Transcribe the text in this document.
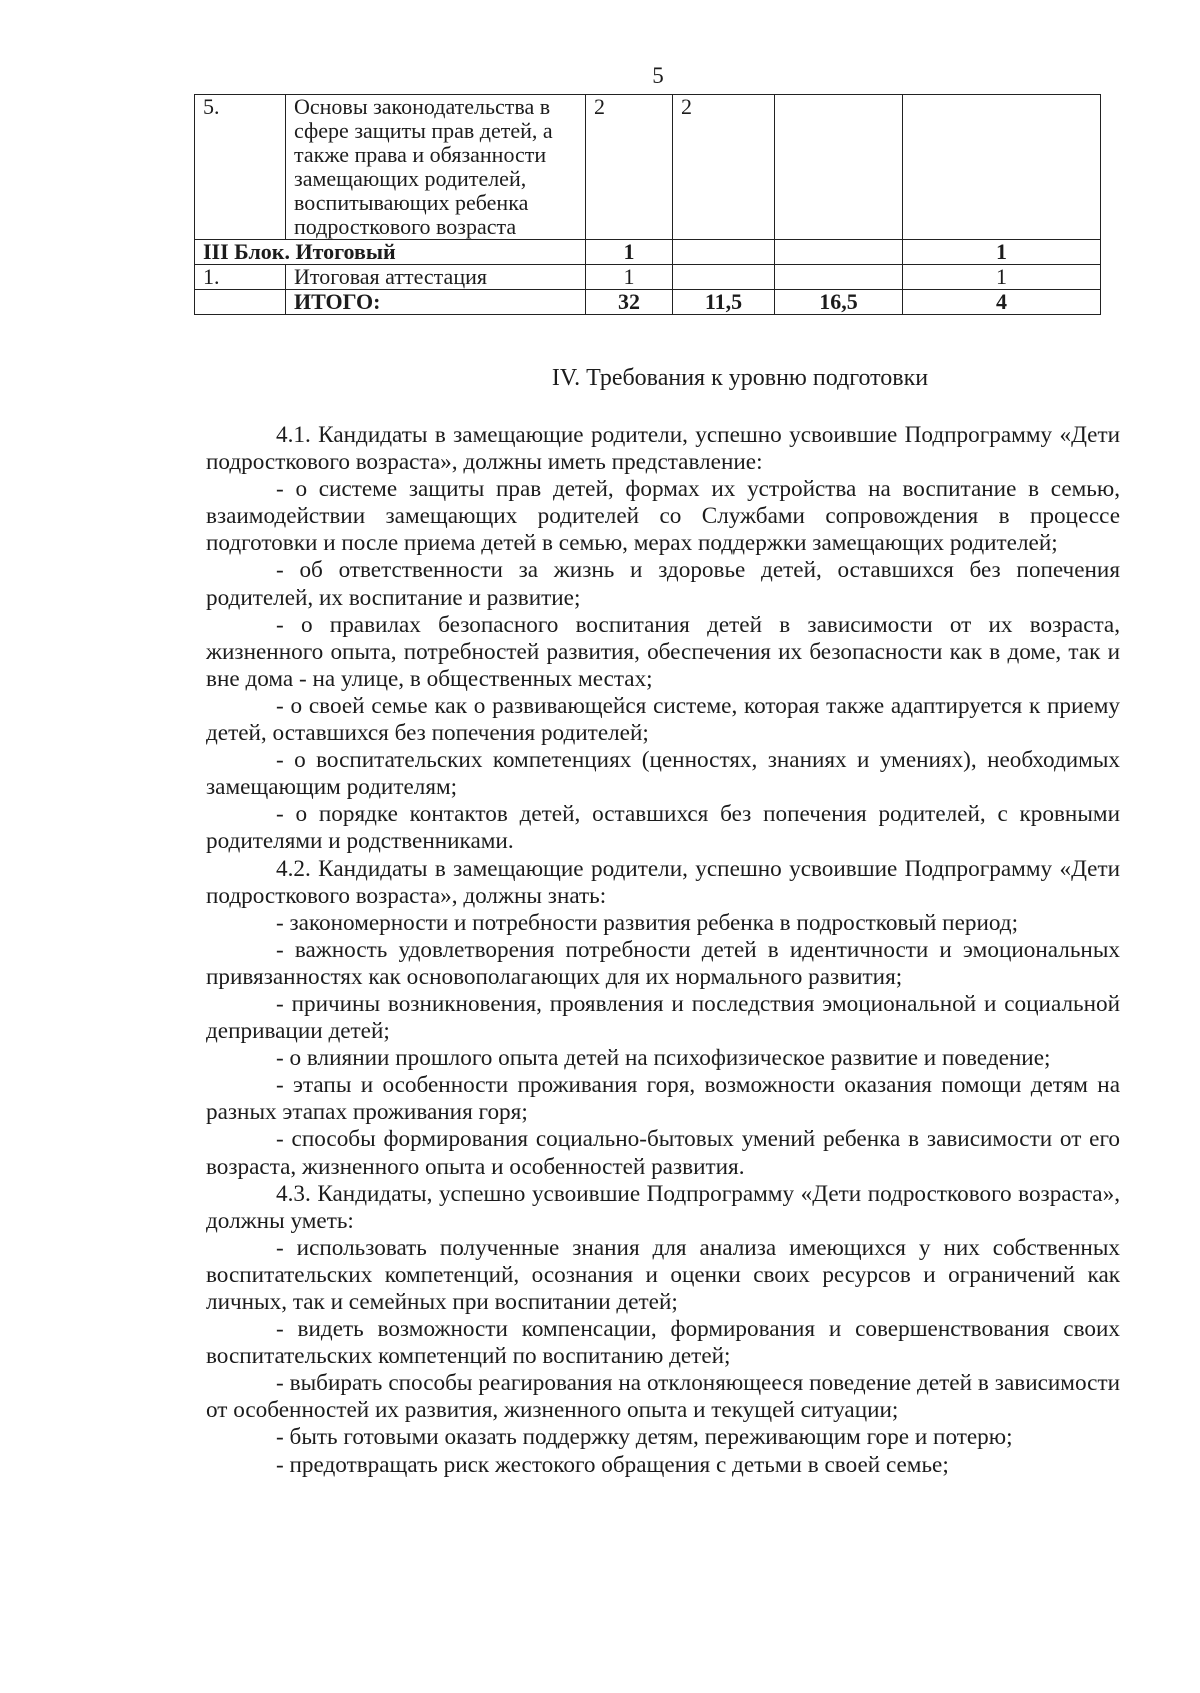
5
5.	Основы законодательства в сфере защиты прав детей, а также права и обязанности замещающих родителей, воспитывающих ребенка подросткового возраста	2	2		
III Блок. Итоговый		1			1
1.	Итоговая аттестация	1			1
	ИТОГО:	32	11,5	16,5	4
IV. Требования к уровню подготовки

4.1. Кандидаты в замещающие родители, успешно усвоившие Подпрограмму «Дети подросткового возраста», должны иметь представление:

- о системе защиты прав детей, формах их устройства на воспитание в семью, взаимодействии замещающих родителей со Службами сопровождения в процессе подготовки и после приема детей в семью, мерах поддержки замещающих родителей;

- об ответственности за жизнь и здоровье детей, оставшихся без попечения родителей, их воспитание и развитие;

- о правилах безопасного воспитания детей в зависимости от их возраста, жизненного опыта, потребностей развития, обеспечения их безопасности как в доме, так и вне дома - на улице, в общественных местах;

- о своей семье как о развивающейся системе, которая также адаптируется к приему детей, оставшихся без попечения родителей;

- о воспитательских компетенциях (ценностях, знаниях и умениях), необходимых замещающим родителям;

- о порядке контактов детей, оставшихся без попечения родителей, с кровными родителями и родственниками.

4.2. Кандидаты в замещающие родители, успешно усвоившие Подпрограмму «Дети подросткового возраста», должны знать:

- закономерности и потребности развития ребенка в подростковый период;

- важность удовлетворения потребности детей в идентичности и эмоциональных привязанностях как основополагающих для их нормального развития;

- причины возникновения, проявления и последствия эмоциональной и социальной депривации детей;

- о влиянии прошлого опыта детей на психофизическое развитие и поведение;

- этапы и особенности проживания горя, возможности оказания помощи детям на разных этапах проживания горя;

- способы формирования социально-бытовых умений ребенка в зависимости от его возраста, жизненного опыта и особенностей развития.

4.3. Кандидаты, успешно усвоившие Подпрограмму «Дети подросткового возраста», должны уметь:

- использовать полученные знания для анализа имеющихся у них собственных воспитательских компетенций, осознания и оценки своих ресурсов и ограничений как личных, так и семейных при воспитании детей;

- видеть возможности компенсации, формирования и совершенствования своих воспитательских компетенций по воспитанию детей;

- выбирать способы реагирования на отклоняющееся поведение детей в зависимости от особенностей их развития, жизненного опыта и текущей ситуации;

- быть готовыми оказать поддержку детям, переживающим горе и потерю;

- предотвращать риск жестокого обращения с детьми в своей семье;
